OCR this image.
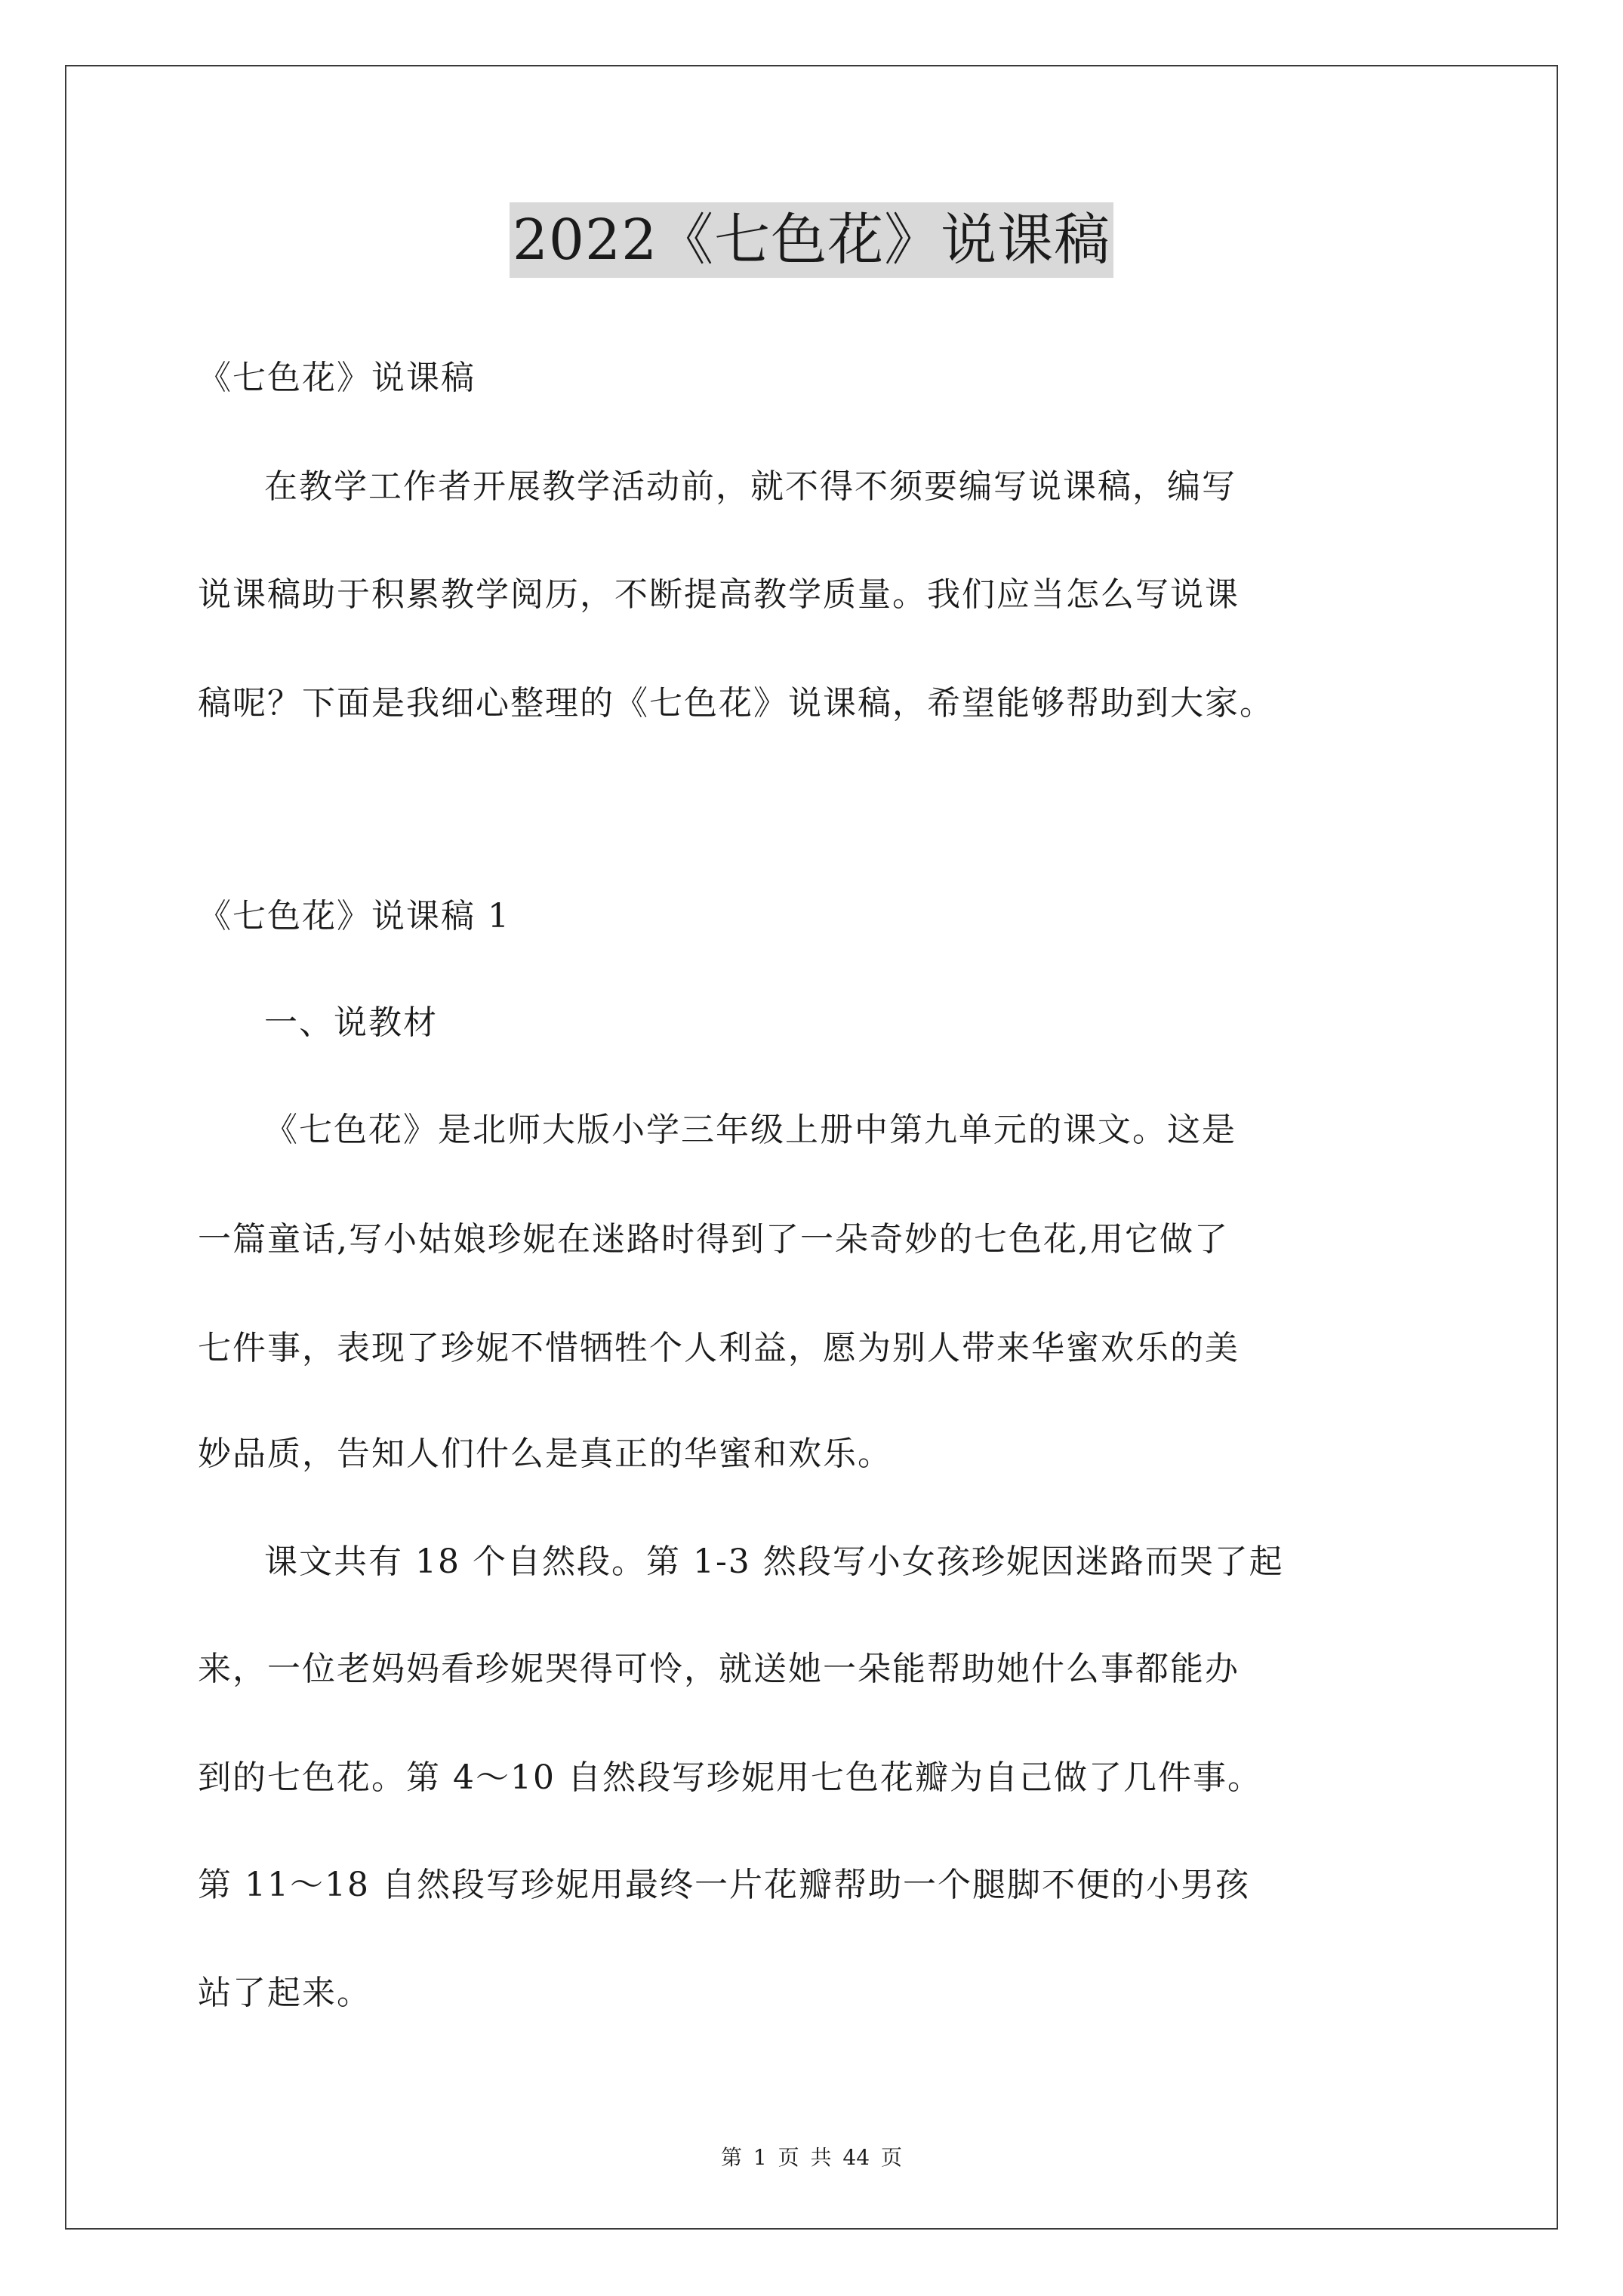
2022《七色花》说课稿
《七色花》说课稿
在教学工作者开展教学活动前，就不得不须要编写说课稿，编写
说课稿助于积累教学阅历，不断提高教学质量。我们应当怎么写说课
稿呢？下面是我细心整理的《七色花》说课稿，希望能够帮助到大家。
《七色花》说课稿 1
一、说教材
《七色花》是北师大版小学三年级上册中第九单元的课文。这是
一篇童话,写小姑娘珍妮在迷路时得到了一朵奇妙的七色花,用它做了
七件事，表现了珍妮不惜牺牲个人利益，愿为别人带来华蜜欢乐的美
妙品质，告知人们什么是真正的华蜜和欢乐。
课文共有 18 个自然段。第 1-3 然段写小女孩珍妮因迷路而哭了起
来，一位老妈妈看珍妮哭得可怜，就送她一朵能帮助她什么事都能办
到的七色花。第 4～10 自然段写珍妮用七色花瓣为自己做了几件事。
第 11～18 自然段写珍妮用最终一片花瓣帮助一个腿脚不便的小男孩
站了起来。
第 1 页 共 44 页
